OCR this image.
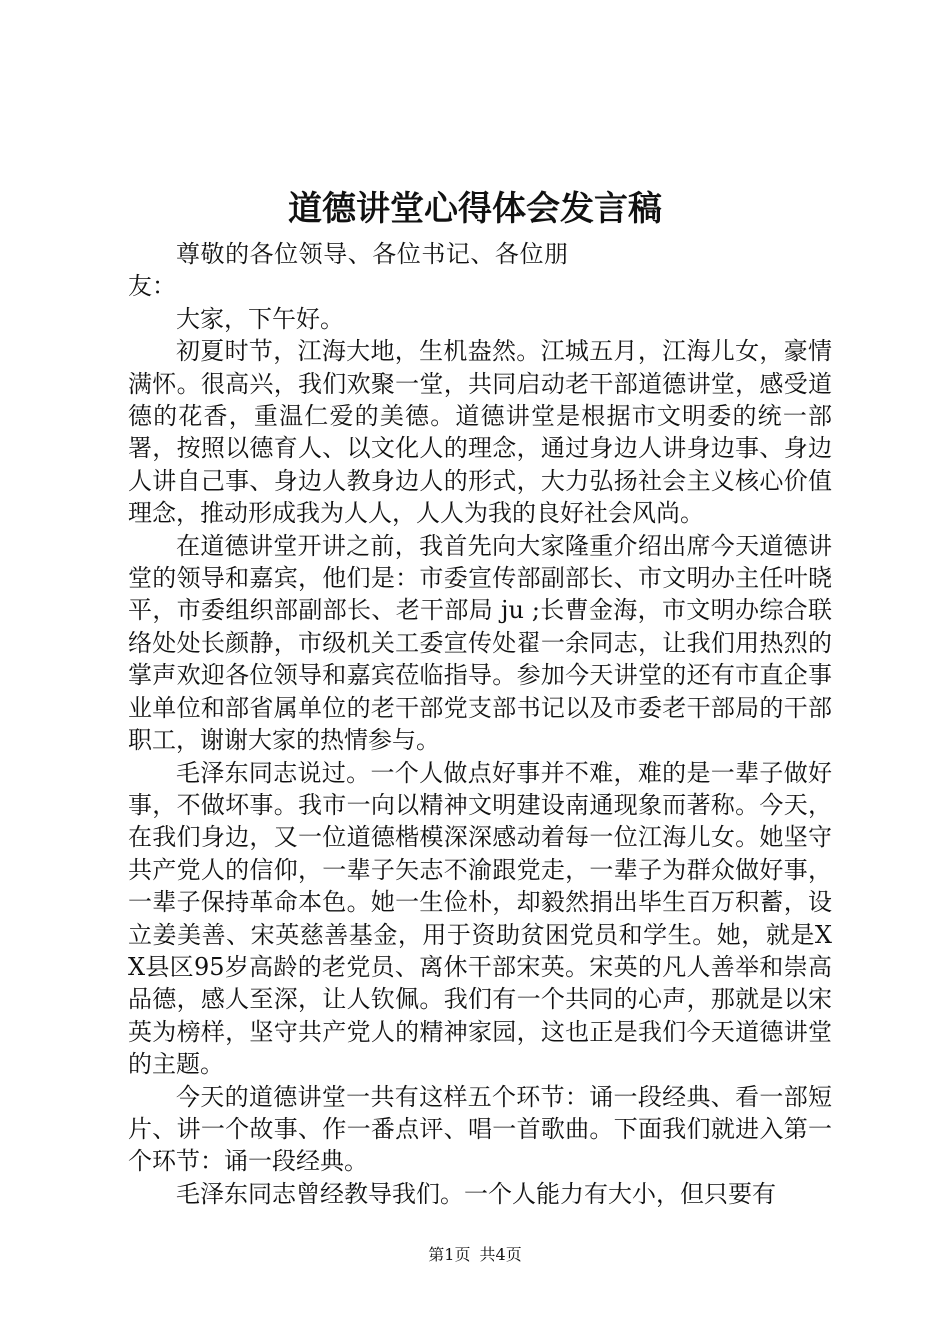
道德讲堂心得体会发言稿

尊敬的各位领导、各位书记、各位朋友：

大家，下午好。

初夏时节，江海大地，生机盎然。江城五月，江海儿女，豪情满怀。很高兴，我们欢聚一堂，共同启动老干部道德讲堂，感受道德的花香，重温仁爱的美德。道德讲堂是根据市文明委的统一部署，按照以德育人、以文化人的理念，通过身边人讲身边事、身边人讲自己事、身边人教身边人的形式，大力弘扬社会主义核心价值理念，推动形成我为人人，人人为我的良好社会风尚。

在道德讲堂开讲之前，我首先向大家隆重介绍出席今天道德讲堂的领导和嘉宾，他们是：市委宣传部副部长、市文明办主任叶晓平，市委组织部副部长、老干部局 ju ;长曹金海，市文明办综合联络处处长颜静，市级机关工委宣传处翟一余同志，让我们用热烈的掌声欢迎各位领导和嘉宾莅临指导。参加今天讲堂的还有市直企事业单位和部省属单位的老干部党支部书记以及市委老干部局的干部职工，谢谢大家的热情参与。

毛泽东同志说过。一个人做点好事并不难，难的是一辈子做好事，不做坏事。我市一向以精神文明建设南通现象而著称。今天，在我们身边，又一位道德楷模深深感动着每一位江海儿女。她坚守共产党人的信仰，一辈子矢志不渝跟党走，一辈子为群众做好事，一辈子保持革命本色。她一生俭朴，却毅然捐出毕生百万积蓄，设立姜美善、宋英慈善基金，用于资助贫困党员和学生。她，就是XX县区95岁高龄的老党员、离休干部宋英。宋英的凡人善举和崇高品德，感人至深，让人钦佩。我们有一个共同的心声，那就是以宋英为榜样，坚守共产党人的精神家园，这也正是我们今天道德讲堂的主题。

今天的道德讲堂一共有这样五个环节：诵一段经典、看一部短片、讲一个故事、作一番点评、唱一首歌曲。下面我们就进入第一个环节：诵一段经典。

毛泽东同志曾经教导我们。一个人能力有大小，但只要有

第1页 共4页
